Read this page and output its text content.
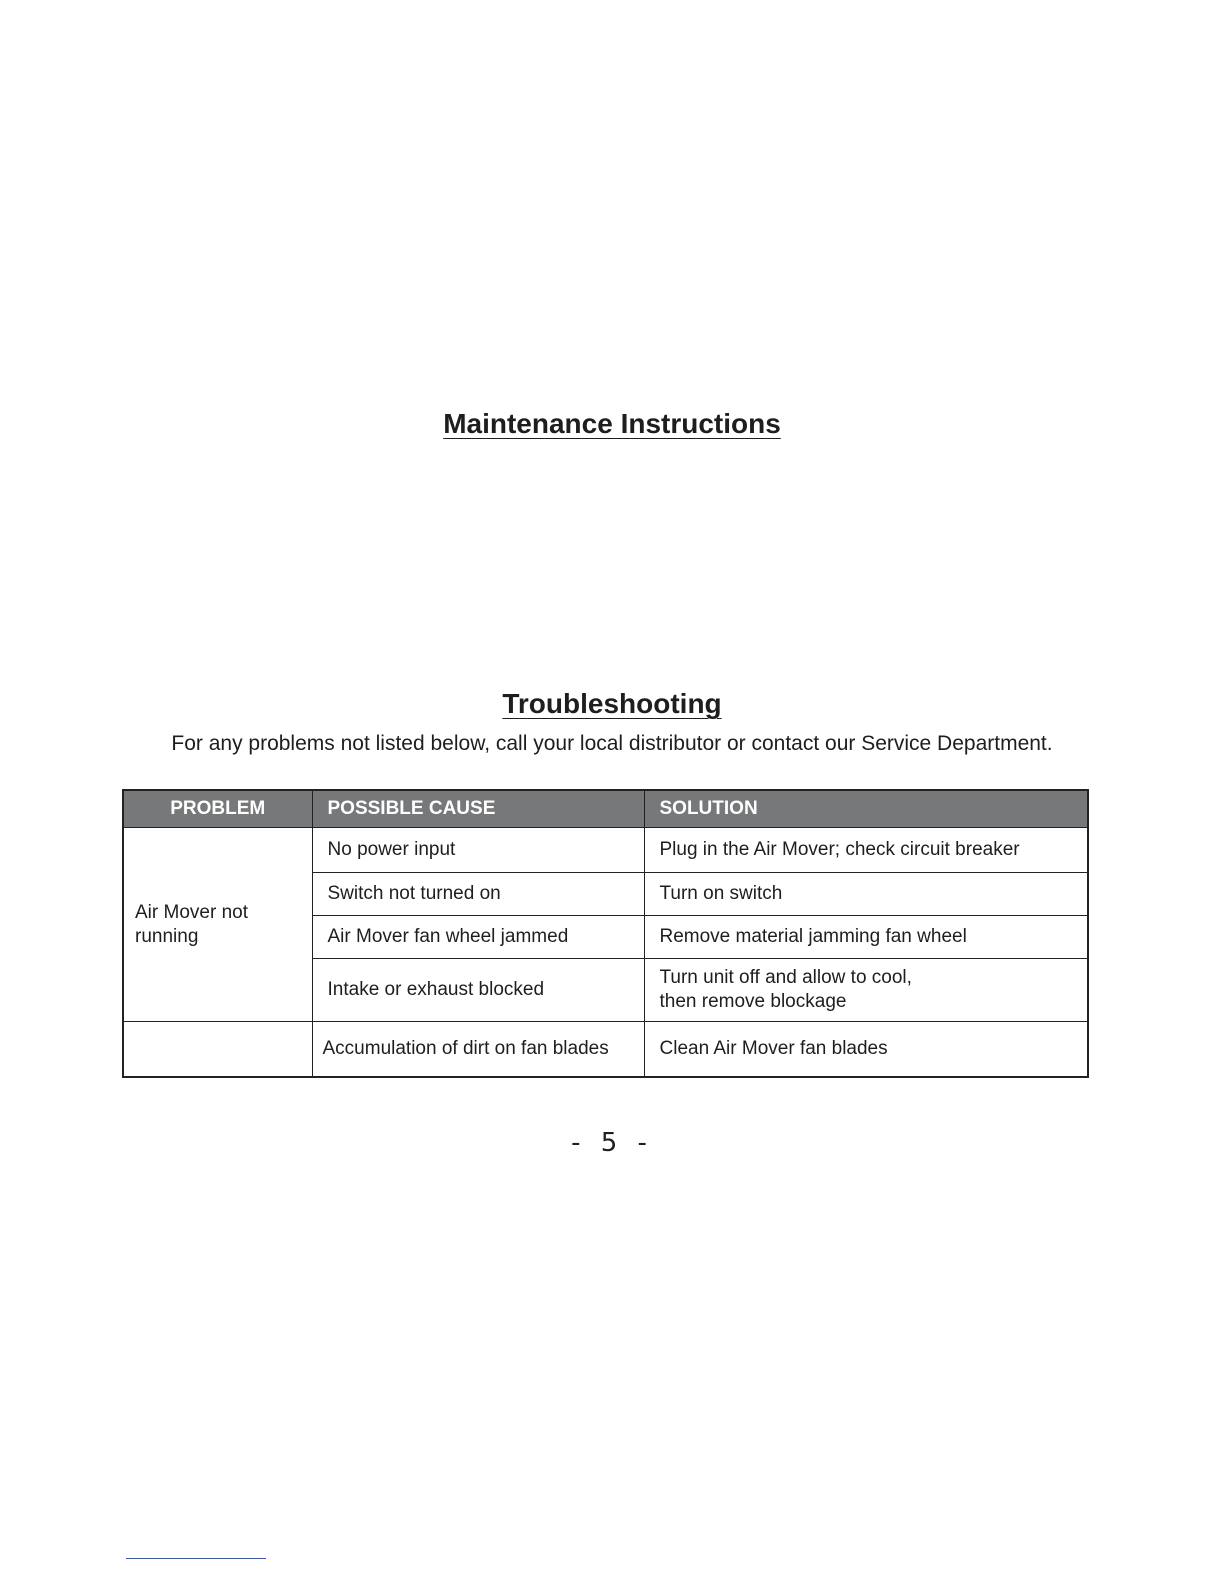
Maintenance Instructions
Troubleshooting

For any problems not listed below, call your local distributor or contact our Service Department.

PROBLEM	POSSIBLE CAUSE	SOLUTION

Air Mover not
running	No power input	Plug in the Air Mover; check circuit breaker
	Switch not turned on	Turn on switch
	Air Mover fan wheel jammed	Remove material jamming fan wheel
	Intake or exhaust blocked	Turn unit off and allow to cool,
then remove blockage

	Accumulation of dirt on fan blades	Clean Air Mover fan blades

- 5 -
